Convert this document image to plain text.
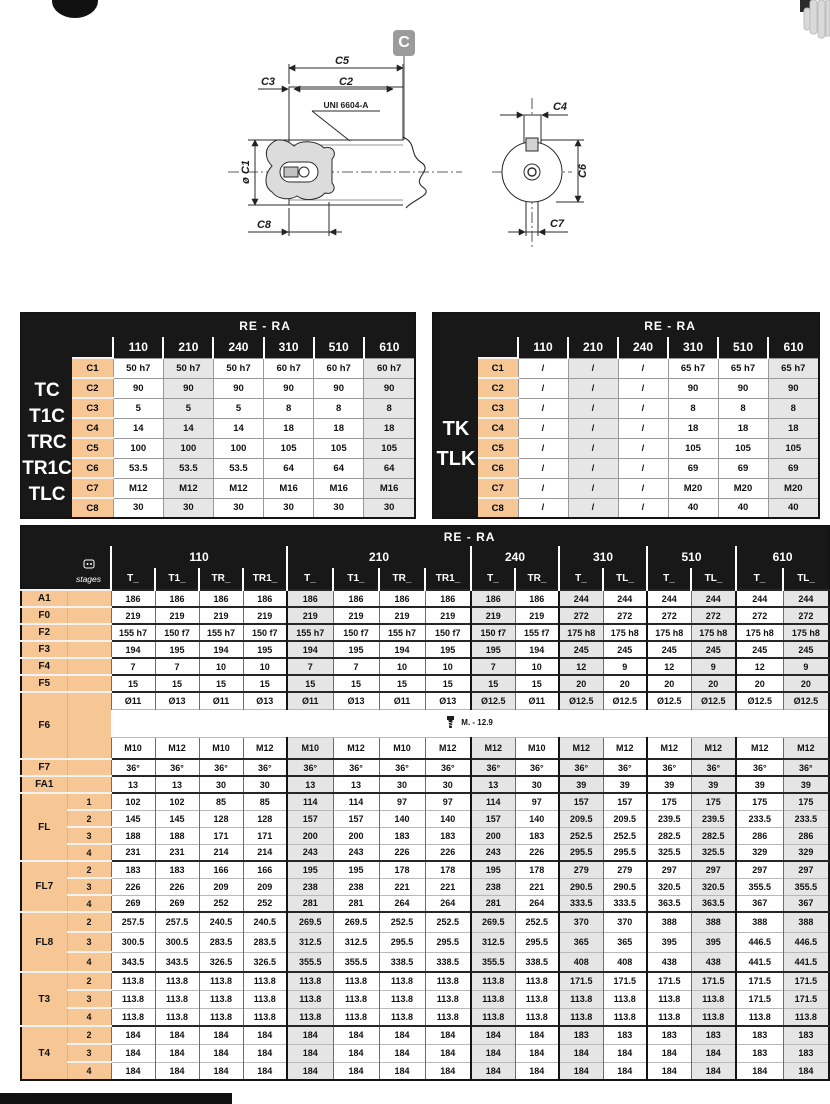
C
C5
C2
C3
ø C1
C8
C4
C6
C7
UNI 6604-A
TC
T1C
TRC
TR1C
TLC	RE - RA						
		110	210	240	310	510	610
	C1	50 h7	50 h7	50 h7	60 h7	60 h7	60 h7
	C2	90	90	90	90	90	90
	C3	5	5	5	8	8	8
	C4	14	14	14	18	18	18
	C5	100	100	100	105	105	105
	C6	53.5	53.5	53.5	64	64	64
	C7	M12	M12	M12	M16	M16	M16
	C8	30	30	30	30	30	30
TK
TLK	RE - RA						
		110	210	240	310	510	610
	C1	/	/	/	65 h7	65 h7	65 h7
	C2	/	/	/	90	90	90
	C3	/	/	/	8	8	8
	C4	/	/	/	18	18	18
	C5	/	/	/	105	105	105
	C6	/	/	/	69	69	69
	C7	/	/	/	M20	M20	M20
	C8	/	/	/	40	40	40

	stages	RE - RA															
		110				210				240		310		510		610	
		T_	T1_	TR_	TR1_	T_	T1_	TR_	TR1_	T_	TR_	T_	TL_	T_	TL_	T_	TL_
A1		186	186	186	186	186	186	186	186	186	186	244	244	244	244	244	244
F0		219	219	219	219	219	219	219	219	219	219	272	272	272	272	272	272
F2		155 h7	150 f7	155 h7	150 f7	155 h7	150 f7	155 h7	150 f7	150 f7	155 f7	175 h8	175 h8	175 h8	175 h8	175 h8	175 h8
F3		194	195	194	195	194	195	194	195	195	194	245	245	245	245	245	245
F4		7	7	10	10	7	7	10	10	7	10	12	9	12	9	12	9
F5		15	15	15	15	15	15	15	15	15	15	20	20	20	20	20	20
F6		Ø11	Ø13	Ø11	Ø13	Ø11	Ø13	Ø11	Ø13	Ø12.5	Ø11	Ø12.5	Ø12.5	Ø12.5	Ø12.5	Ø12.5	Ø12.5

		M. - 12.9															

		M10	M12	M10	M12	M10	M12	M10	M12	M12	M10	M12	M12	M12	M12	M12	M12
F7		36°	36°	36°	36°	36°	36°	36°	36°	36°	36°	36°	36°	36°	36°	36°	36°
FA1		13	13	30	30	13	13	30	30	13	30	39	39	39	39	39	39
FL	1	102	102	85	85	114	114	97	97	114	97	157	157	175	175	175	175
	2	145	145	128	128	157	157	140	140	157	140	209.5	209.5	239.5	239.5	233.5	233.5
	3	188	188	171	171	200	200	183	183	200	183	252.5	252.5	282.5	282.5	286	286
	4	231	231	214	214	243	243	226	226	243	226	295.5	295.5	325.5	325.5	329	329
FL7	2	183	183	166	166	195	195	178	178	195	178	279	279	297	297	297	297
	3	226	226	209	209	238	238	221	221	238	221	290.5	290.5	320.5	320.5	355.5	355.5
	4	269	269	252	252	281	281	264	264	281	264	333.5	333.5	363.5	363.5	367	367
FL8	2	257.5	257.5	240.5	240.5	269.5	269.5	252.5	252.5	269.5	252.5	370	370	388	388	388	388
	3	300.5	300.5	283.5	283.5	312.5	312.5	295.5	295.5	312.5	295.5	365	365	395	395	446.5	446.5
	4	343.5	343.5	326.5	326.5	355.5	355.5	338.5	338.5	355.5	338.5	408	408	438	438	441.5	441.5
T3	2	113.8	113.8	113.8	113.8	113.8	113.8	113.8	113.8	113.8	113.8	171.5	171.5	171.5	171.5	171.5	171.5
	3	113.8	113.8	113.8	113.8	113.8	113.8	113.8	113.8	113.8	113.8	113.8	113.8	113.8	113.8	171.5	171.5
	4	113.8	113.8	113.8	113.8	113.8	113.8	113.8	113.8	113.8	113.8	113.8	113.8	113.8	113.8	113.8	113.8
T4	2	184	184	184	184	184	184	184	184	184	184	183	183	183	183	183	183
	3	184	184	184	184	184	184	184	184	184	184	184	184	184	184	183	183
	4	184	184	184	184	184	184	184	184	184	184	184	184	184	184	184	184
